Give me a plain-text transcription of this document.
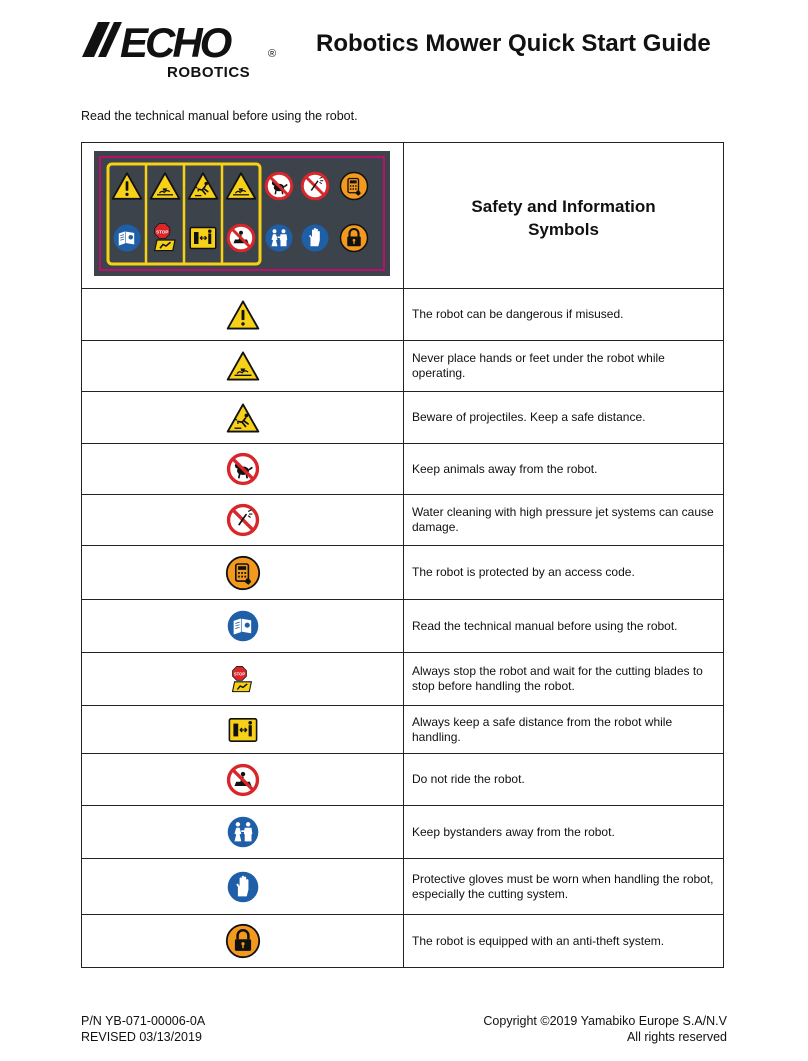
ECHO	®
ROBOTICS
Robotics Mower Quick Start Guide
Read the technical manual before using the robot.

Safety and Information
Symbols

	The robot can be dangerous if misused.

	Never place hands or feet under the robot while operating.

	Beware of projectiles. Keep a safe distance.

	Keep animals away from the robot.

	Water cleaning with high pressure jet systems can cause damage.

	The robot is protected by an access code.

	Read the technical manual before using the robot.

	Always stop the robot and wait for the cutting blades to stop before handling the robot.

	Always keep a safe distance from the robot while handling.

	Do not ride the robot.

	Keep bystanders away from the robot.

	Protective gloves must be worn when handling the robot, especially the cutting system.

	The robot is equipped with an anti-theft system.
P/N YB-071-00006-0A
REVISED 03/13/2019
Copyright ©2019 Yamabiko Europe S.A/N.V
All rights reserved
